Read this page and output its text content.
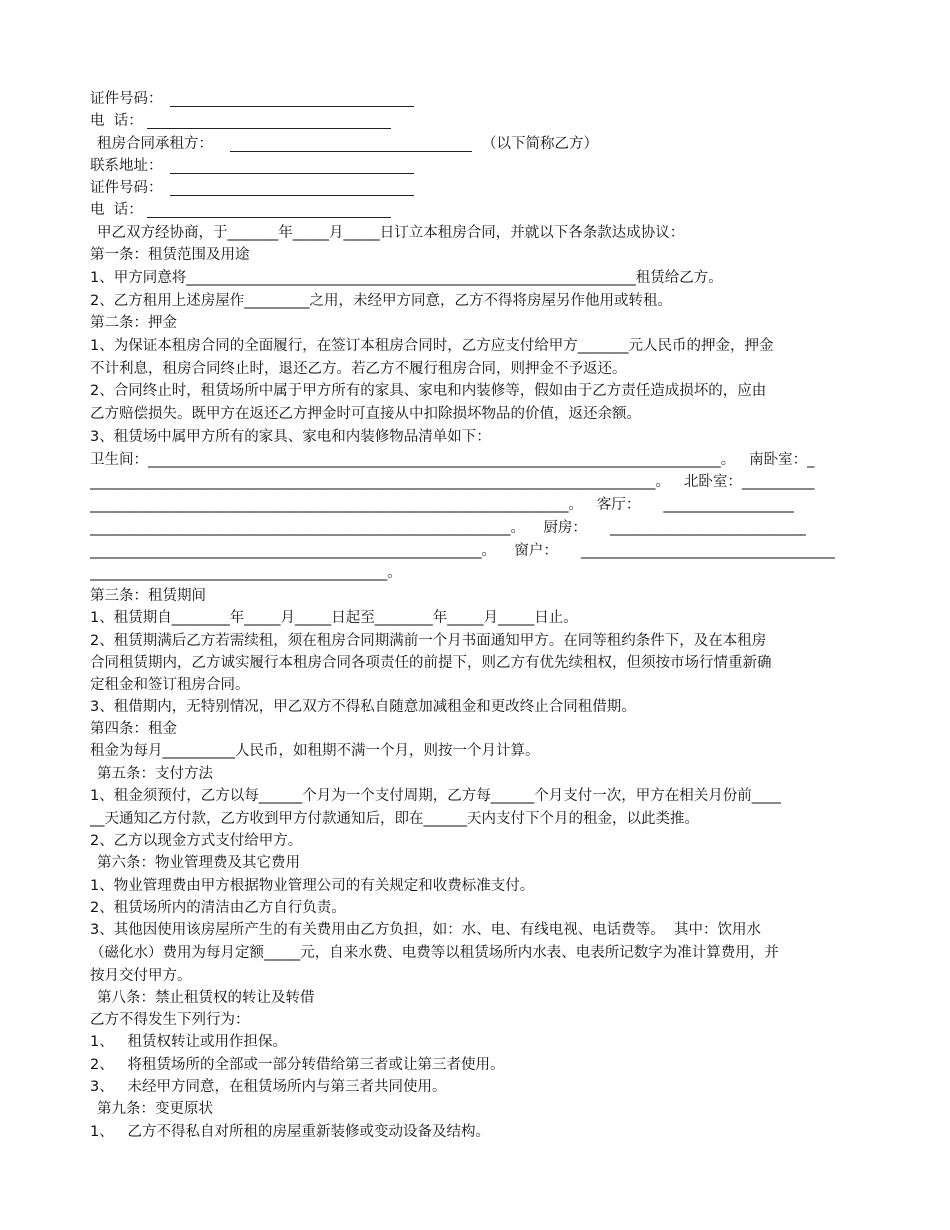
证件号码：
电  话：
租房合同承租方：	（以下简称乙方）
联系地址：
证件号码：
电  话：
甲乙双方经协商，于_______年_____月_____日订立本租房合同，并就以下各条款达成协议：
第一条：租赁范围及用途
1、甲方同意将______________________________________________________________租赁给乙方。
2、乙方租用上述房屋作_________之用，未经甲方同意，乙方不得将房屋另作他用或转租。
第二条：押金
1、为保证本租房合同的全面履行，在签订本租房合同时，乙方应支付给甲方_______元人民币的押金，押金
不计利息，租房合同终止时，退还乙方。若乙方不履行租房合同，则押金不予返还。
2、合同终止时，租赁场所中属于甲方所有的家具、家电和内装修等，假如由于乙方责任造成损坏的，应由
乙方赔偿损失。既甲方在返还乙方押金时可直接从中扣除损坏物品的价值，返还余额。
3、租赁场中属甲方所有的家具、家电和内装修物品清单如下：
卫生间：_______________________________________________________________________________。   南卧室：_
______________________________________________________________________________。   北卧室：__________
__________________________________________________________________。   客厅：     __________________
__________________________________________________________。    厨房：     ___________________________
______________________________________________________。    窗户：     ___________________________________
_________________________________________。
第三条：租赁期间
1、租赁期自________年_____月_____日起至________年_____月_____日止。
2、租赁期满后乙方若需续租，须在租房合同期满前一个月书面通知甲方。在同等租约条件下，及在本租房
合同租赁期内，乙方诚实履行本租房合同各项责任的前提下，则乙方有优先续租权，但须按市场行情重新确
定租金和签订租房合同。
3、租借期内，无特别情况，甲乙双方不得私自随意加减租金和更改终止合同租借期。
第四条：租金
租金为每月__________人民币，如租期不满一个月，则按一个月计算。
第五条：支付方法
1、租金须预付，乙方以每______个月为一个支付周期，乙方每______个月支付一次，甲方在相关月份前____
__天通知乙方付款，乙方收到甲方付款通知后，即在______天内支付下个月的租金，以此类推。
2、乙方以现金方式支付给甲方。
第六条：物业管理费及其它费用
1、物业管理费由甲方根据物业管理公司的有关规定和收费标准支付。
2、租赁场所内的清洁由乙方自行负责。
3、其他因使用该房屋所产生的有关费用由乙方负担，如：水、电、有线电视、电话费等。  其中：饮用水
（磁化水）费用为每月定额_____元，自来水费、电费等以租赁场所内水表、电表所记数字为准计算费用，并
按月交付甲方。
第八条：禁止租赁权的转让及转借
乙方不得发生下列行为：
1、   租赁权转让或用作担保。
2、   将租赁场所的全部或一部分转借给第三者或让第三者使用。
3、   未经甲方同意，在租赁场所内与第三者共同使用。
第九条：变更原状
1、   乙方不得私自对所租的房屋重新装修或变动设备及结构。
